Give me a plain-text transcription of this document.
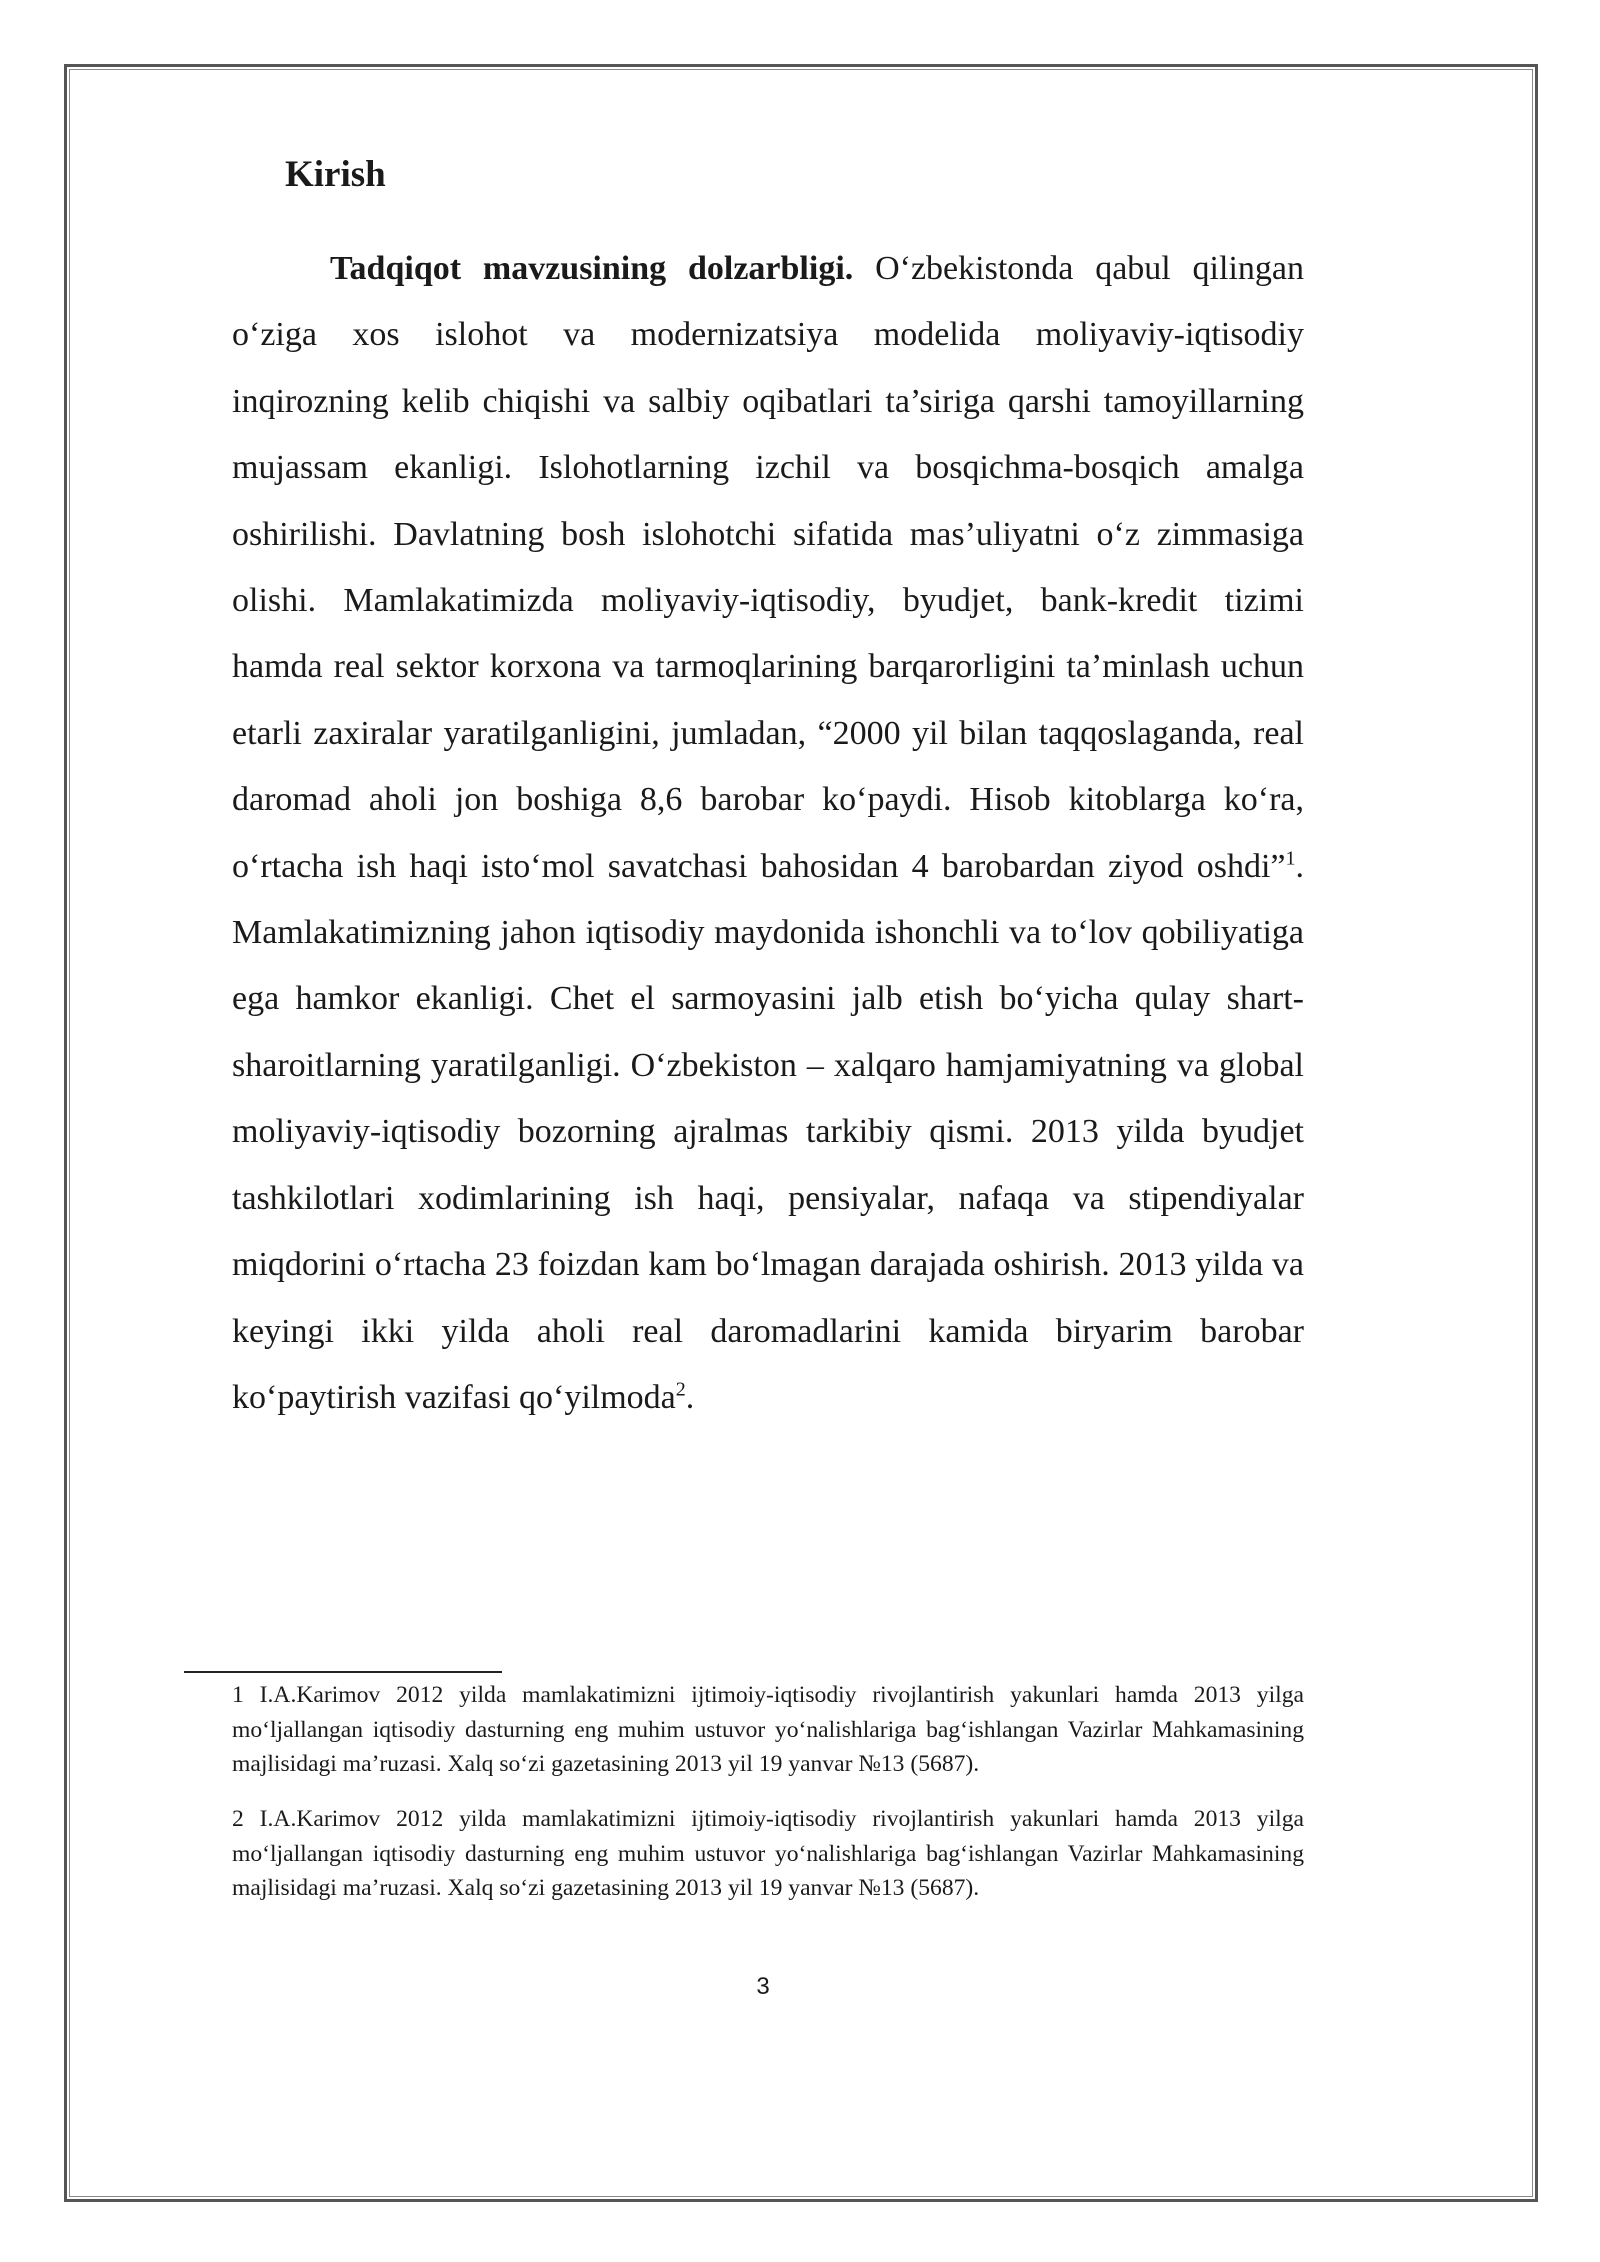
Kirish

Tadqiqot mavzusining dolzarbligi. O‘zbekistonda qabul qilingan o‘ziga xos islohot va modernizatsiya modelida moliyaviy-iqtisodiy inqirozning kelib chiqishi va salbiy oqibatlari ta’siriga qarshi tamoyillarning mujassam ekanligi. Islohotlarning izchil va bosqichma-bosqich amalga oshirilishi. Davlatning bosh islohotchi sifatida mas’uliyatni o‘z zimmasiga olishi. Mamlakatimizda moliyaviy-iqtisodiy, byudjet, bank-kredit tizimi hamda real sektor korxona va tarmoqlarining barqarorligini ta’minlash uchun etarli zaxiralar yaratilganligini, jumladan, “2000 yil bilan taqqoslaganda, real daromad aholi jon boshiga 8,6 barobar ko‘paydi. Hisob kitoblarga ko‘ra, o‘rtacha ish haqi isto‘mol savatchasi bahosidan 4 barobardan ziyod oshdi”$^1$. Mamlakatimizning jahon iqtisodiy maydonida ishonchli va to‘lov qobiliyatiga ega hamkor ekanligi. Chet el sarmoyasini jalb etish bo‘yicha qulay shart-sharoitlarning yaratilganligi. O‘zbekiston – xalqaro hamjamiyatning va global moliyaviy-iqtisodiy bozorning ajralmas tarkibiy qismi. 2013 yilda byudjet tashkilotlari xodimlarining ish haqi, pensiyalar, nafaqa va stipendiyalar miqdorini o‘rtacha 23 foizdan kam bo‘lmagan darajada oshirish. 2013 yilda va keyingi ikki yilda aholi real daromadlarini kamida biryarim barobar ko‘paytirish vazifasi qo‘yilmoda$^2$.

1 I.A.Karimov 2012 yilda mamlakatimizni ijtimoiy-iqtisodiy rivojlantirish yakunlari hamda 2013 yilga mo‘ljallangan iqtisodiy dasturning eng muhim ustuvor yo‘nalishlariga bag‘ishlangan Vazirlar Mahkamasining majlisidagi ma’ruzasi. Xalq so‘zi gazetasining 2013 yil 19 yanvar №13 (5687).

2 I.A.Karimov 2012 yilda mamlakatimizni ijtimoiy-iqtisodiy rivojlantirish yakunlari hamda 2013 yilga mo‘ljallangan iqtisodiy dasturning eng muhim ustuvor yo‘nalishlariga bag‘ishlangan Vazirlar Mahkamasining majlisidagi ma’ruzasi. Xalq so‘zi gazetasining 2013 yil 19 yanvar №13 (5687).

3
